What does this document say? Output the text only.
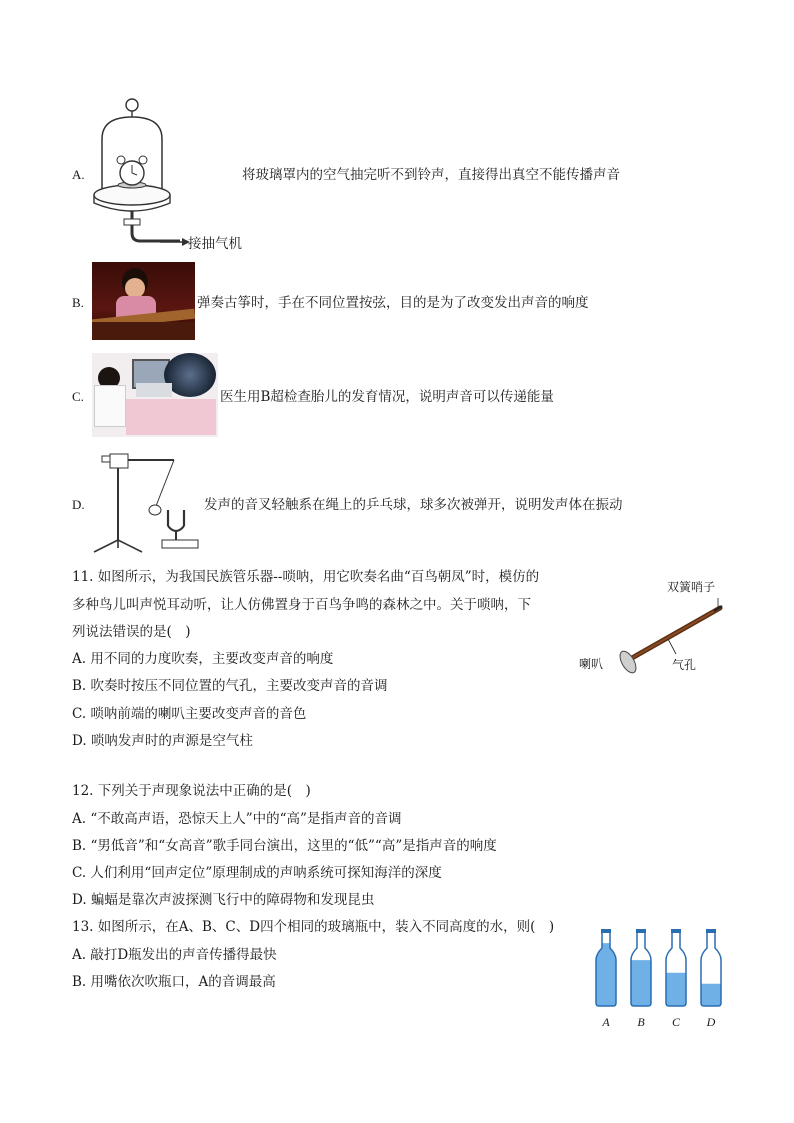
A.
接抽气机
将玻璃罩内的空气抽完听不到铃声，直接得出真空不能传播声音
B.	弹奏古筝时，手在不同位置按弦，目的是为了改变发出声音的响度
C.	医生用B超检查胎儿的发育情况，说明声音可以传递能量
D.	发声的音叉轻触系在绳上的乒乓球，球多次被弹开，说明发声体在振动
11. 如图所示，为我国民族管乐器--唢呐，用它吹奏名曲“百鸟朝凤”时，模仿的
多种鸟儿叫声悦耳动听，让人仿佛置身于百鸟争鸣的森林之中。关于唢呐，下
列说法错误的是(　)
A. 用不同的力度吹奏，主要改变声音的响度
B. 吹奏时按压不同位置的气孔，主要改变声音的音调
C. 唢呐前端的喇叭主要改变声音的音色
D. 唢呐发声时的声源是空气柱
双簧哨子
喇叭	气孔
12. 下列关于声现象说法中正确的是(　)
A. “不敢高声语，恐惊天上人”中的“高”是指声音的音调
B. “男低音”和“女高音”歌手同台演出，这里的“低”“高”是指声音的响度
C. 人们利用“回声定位”原理制成的声呐系统可探知海洋的深度
D. 蝙蝠是靠次声波探测飞行中的障碍物和发现昆虫
13. 如图所示，在A、B、C、D四个相同的玻璃瓶中，装入不同高度的水，则(　)
A. 敲打D瓶发出的声音传播得最快
B. 用嘴依次吹瓶口，A的音调最高
A B C D
